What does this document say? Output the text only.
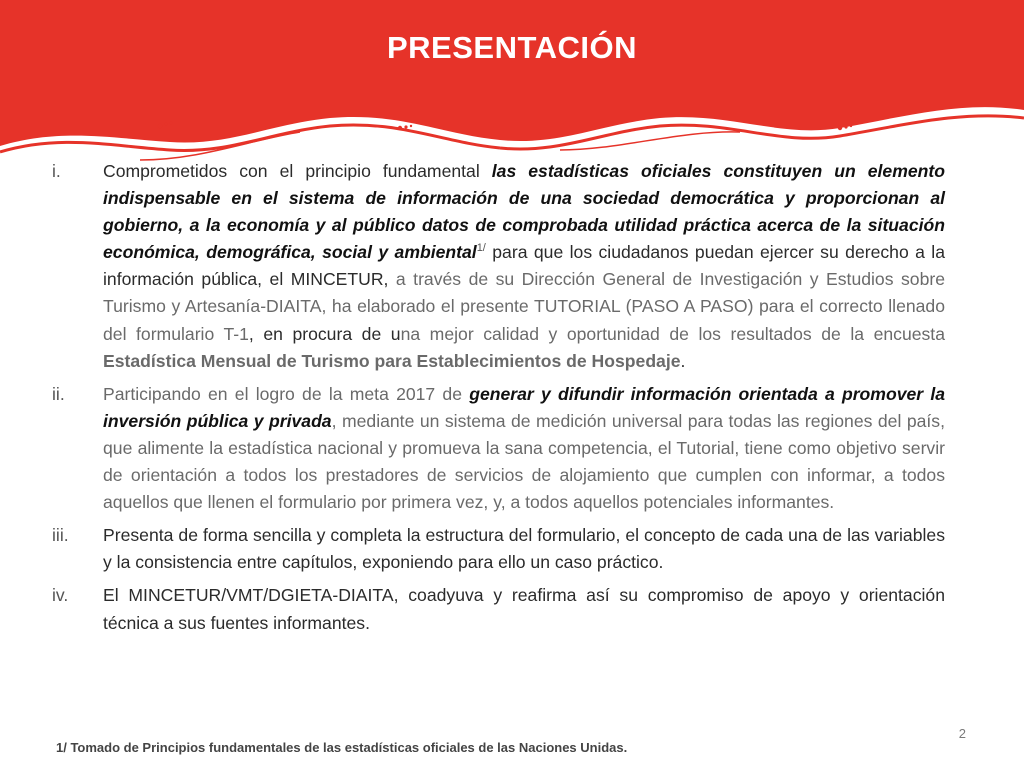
PRESENTACIÓN
i.	Comprometidos con el principio fundamental las estadísticas oficiales constituyen un elemento indispensable en el sistema de información de una sociedad democrática y proporcionan al gobierno, a la economía y al público datos de comprobada utilidad práctica acerca de la situación económica, demográfica, social y ambiental$^{1/}$ para que los ciudadanos puedan ejercer su derecho a la información pública, el MINCETUR, a través de su Dirección General de Investigación y Estudios sobre Turismo y Artesanía-DIAITA, ha elaborado el presente TUTORIAL (PASO A PASO) para el correcto llenado del formulario T-1, en procura de una mejor calidad y oportunidad de los resultados de la encuesta Estadística Mensual de Turismo para Establecimientos de Hospedaje.
ii.	Participando en el logro de la meta 2017 de generar y difundir información orientada a promover la inversión pública y privada, mediante un sistema de medición universal para todas las regiones del país, que alimente la estadística nacional y promueva la sana competencia, el Tutorial, tiene como objetivo servir de orientación a todos los prestadores de servicios de alojamiento que cumplen con informar, a todos aquellos que llenen el formulario por primera vez, y, a todos aquellos potenciales informantes.
iii.	Presenta de forma sencilla y completa la estructura del formulario, el concepto de cada una de las variables y la consistencia entre capítulos, exponiendo para ello un caso práctico.
iv.	El MINCETUR/VMT/DGIETA-DIAITA, coadyuva y reafirma así su compromiso de apoyo y orientación técnica a sus fuentes informantes.
2
1/ Tomado de Principios fundamentales de las estadísticas oficiales de las Naciones Unidas.
